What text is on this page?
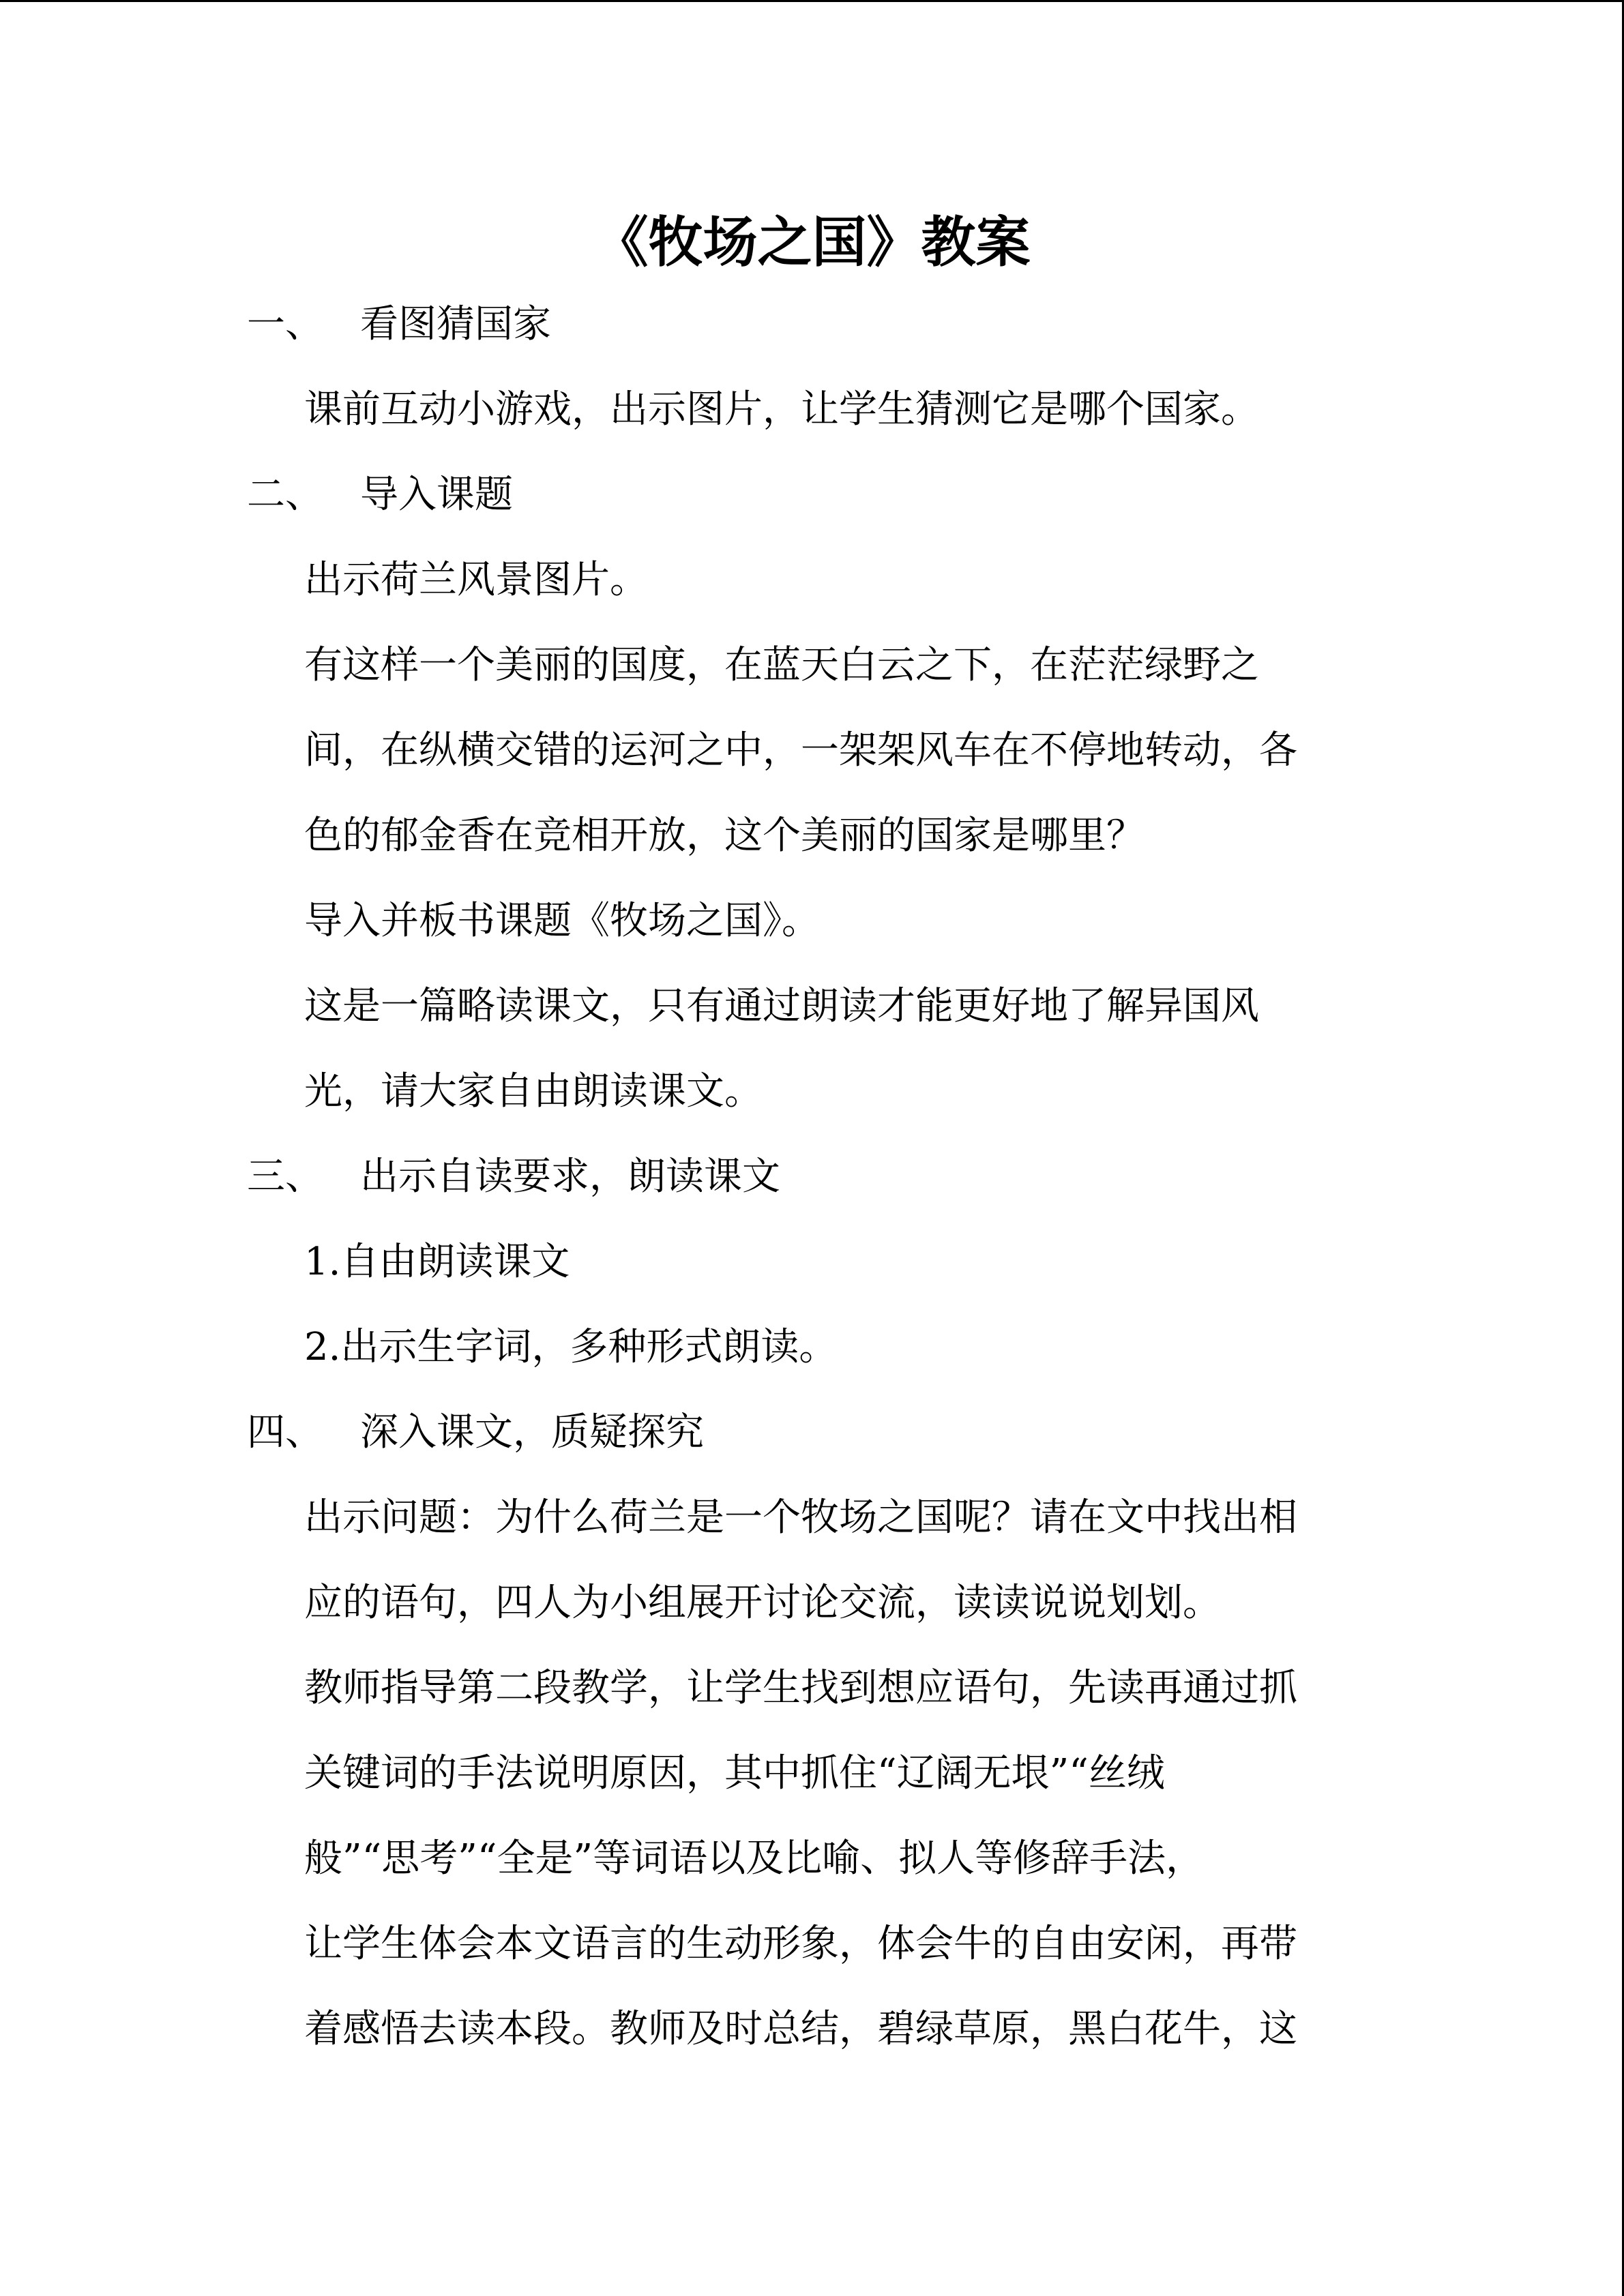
《牧场之国》教案
一、 看图猜国家
课前互动小游戏，出示图片，让学生猜测它是哪个国家。
二、 导入课题
出示荷兰风景图片。
有这样一个美丽的国度，在蓝天白云之下，在茫茫绿野之
间，在纵横交错的运河之中，一架架风车在不停地转动，各
色的郁金香在竞相开放，这个美丽的国家是哪里？
导入并板书课题《牧场之国》。
这是一篇略读课文，只有通过朗读才能更好地了解异国风
光，请大家自由朗读课文。
三、 出示自读要求，朗读课文
1.自由朗读课文
2.出示生字词，多种形式朗读。
四、 深入课文，质疑探究
出示问题：为什么荷兰是一个牧场之国呢？请在文中找出相
应的语句，四人为小组展开讨论交流，读读说说划划。
教师指导第二段教学，让学生找到想应语句，先读再通过抓
关键词的手法说明原因，其中抓住“辽阔无垠”“丝绒
般”“思考”“全是”等词语以及比喻、拟人等修辞手法，
让学生体会本文语言的生动形象，体会牛的自由安闲，再带
着感悟去读本段。教师及时总结，碧绿草原，黑白花牛，这
